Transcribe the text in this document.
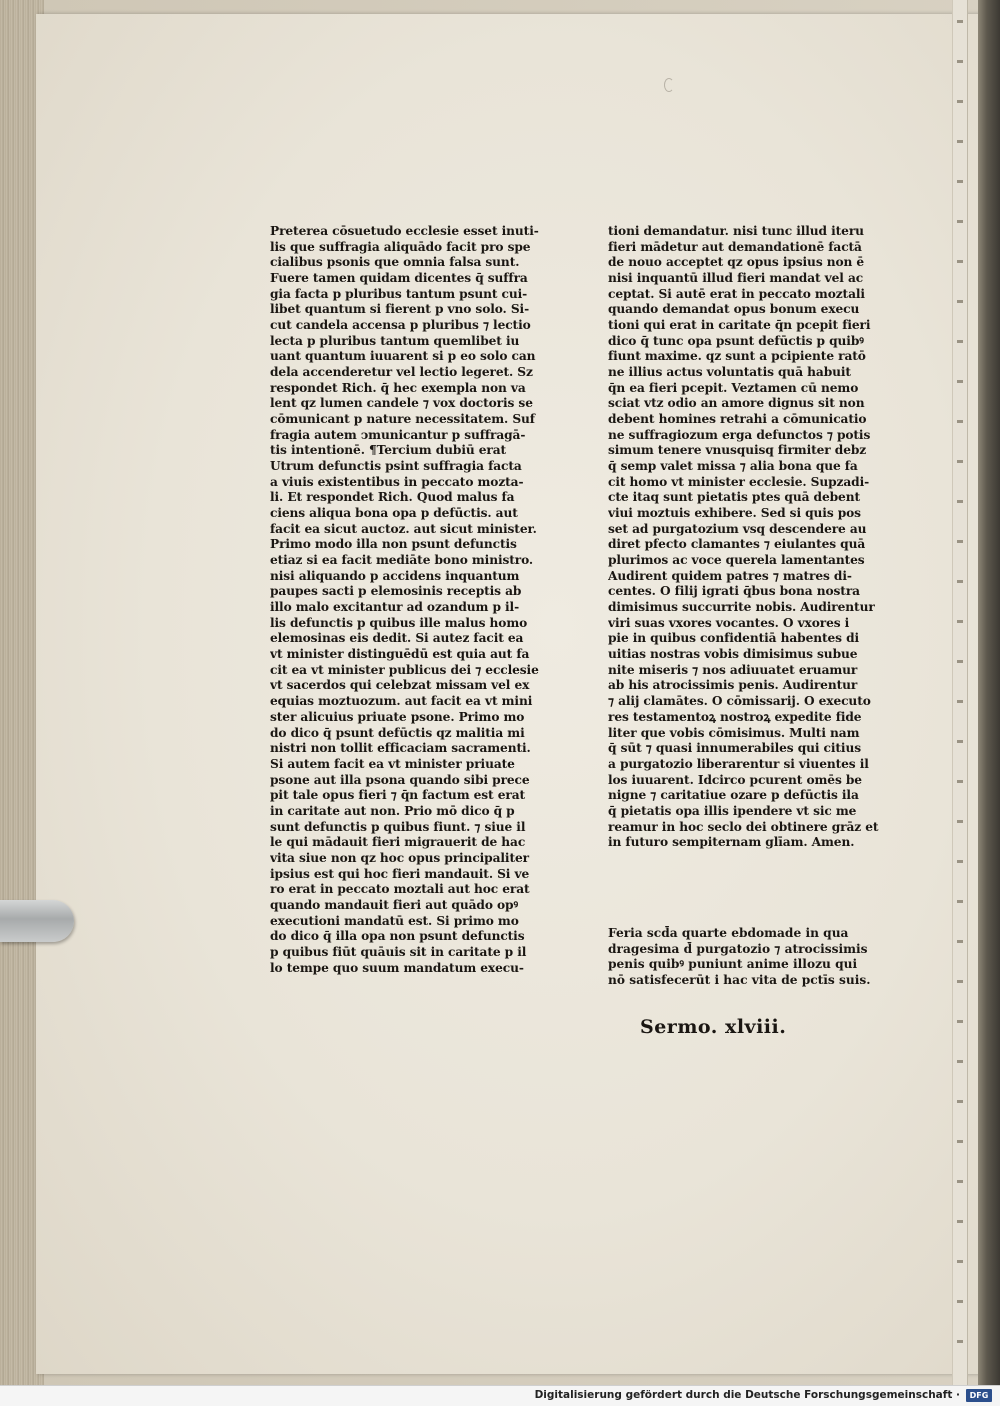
Preterea cōsuetudo ecclesie esset inuti-
lis que suffragia aliquādo facit pro spe
cialibus psonis que omnia falsa sunt.
Fuere tamen quidam dicentes q̄ suffra
gia facta p pluribus tantum psunt cui-
libet quantum si fierent p vno solo. Si-
cut candela accensa p pluribus ⁊ lectio
lecta p pluribus tantum quemlibet iu
uant quantum iuuarent si p eo solo can
dela accenderetur vel lectio legeret. Sz
respondet Rich. q̄ hec exempla non va
lent qz lumen candele ⁊ vox doctoris se
cōmunicant p nature necessitatem. Suf
fragia autem ↄmunicantur p suffragā-
tis intentionē. ¶Tercium dubiū erat
Utrum defunctis psint suffragia facta
a viuis existentibus in peccato mozta-
li. Et respondet Rich. Quod malus fa
ciens aliqua bona opa p defūctis. aut
facit ea sicut auctoz. aut sicut minister.
Primo modo illa non psunt defunctis
etiaz si ea facit mediāte bono ministro.
nisi aliquando p accidens inquantum
paupes sacti p elemosinis receptis ab
illo malo excitantur ad ozandum p il-
lis defunctis p quibus ille malus homo
elemosinas eis dedit. Si autez facit ea
vt minister distinguēdū est quia aut fa
cit ea vt minister publicus dei ⁊ ecclesie
vt sacerdos qui celebzat missam vel ex
equias moztuozum. aut facit ea vt mini
ster alicuius priuate psone. Primo mo
do dico q̄ psunt defūctis qz malitia mi
nistri non tollit efficaciam sacramenti.
Si autem facit ea vt minister priuate
psone aut illa psona quando sibi prece
pit tale opus fieri ⁊ q̄n factum est erat
in caritate aut non. Prio mō dico q̄ p
sunt defunctis p quibus fiunt. ⁊ siue il
le qui mādauit fieri migrauerit de hac
vita siue non qz hoc opus principaliter
ipsius est qui hoc fieri mandauit. Si ve
ro erat in peccato moztali aut hoc erat
quando mandauit fieri aut quādo opꝰ
executioni mandatū est. Si primo mo
do dico q̄ illa opa non psunt defunctis
p quibus fiūt quāuis sit in caritate p il
lo tempe quo suum mandatum execu-
tioni demandatur. nisi tunc illud iteru
fieri mādetur aut demandationē factā
de nouo acceptet qz opus ipsius non ē
nisi inquantū illud fieri mandat vel ac
ceptat. Si autē erat in peccato moztali
quando demandat opus bonum execu
tioni qui erat in caritate q̄n pcepit fieri
dico q̄ tunc opa psunt defūctis p quibꝰ
fiunt maxime. qz sunt a pcipiente ratō
ne illius actus voluntatis quā habuit
q̄n ea fieri pcepit. Veztamen cū nemo
sciat vtz odio an amore dignus sit non
debent homines retrahi a cōmunicatio
ne suffragiozum erga defunctos ⁊ potis
simum tenere vnusquisq firmiter debz
q̄ semp valet missa ⁊ alia bona que fa
cit homo vt minister ecclesie. Supzadi-
cte itaq sunt pietatis ptes quā debent
viui moztuis exhibere. Sed si quis pos
set ad purgatozium vsq descendere au
diret pfecto clamantes ⁊ eiulantes quā
plurimos ac voce querela lamentantes
Audirent quidem patres ⁊ matres di-
centes. O filij igrati q̄bus bona nostra
dimisimus succurrite nobis. Audirentur
viri suas vxores vocantes. O vxores i
pie in quibus confidentiā habentes di
uitias nostras vobis dimisimus subue
nite miseris ⁊ nos adiuuatet eruamur
ab his atrocissimis penis. Audirentur
⁊ alij clamātes. O cōmissarij. O executo
res testamentoꝝ nostroꝝ expedite fide
liter que vobis cōmisimus. Multi nam
q̄ sūt ⁊ quasi innumerabiles qui citius
a purgatozio liberarentur si viuentes il
los iuuarent. Idcirco pcurent omēs be
nigne ⁊ caritatiue ozare p defūctis ila
q̄ pietatis opa illis ipendere vt sic me
reamur in hoc seclo dei obtinere grāz et
in futuro sempiternam glīam. Amen.
Feria scd̄a quarte ebdomade in qua
dragesima d̄ purgatozio ⁊ atrocissimis
penis quibꝰ puniunt anime illozu qui
nō satisfecerūt i hac vita de pctīs suis.
Sermo. xlviii.
Digitalisierung gefördert durch die Deutsche Forschungsgemeinschaft ·	DFG
